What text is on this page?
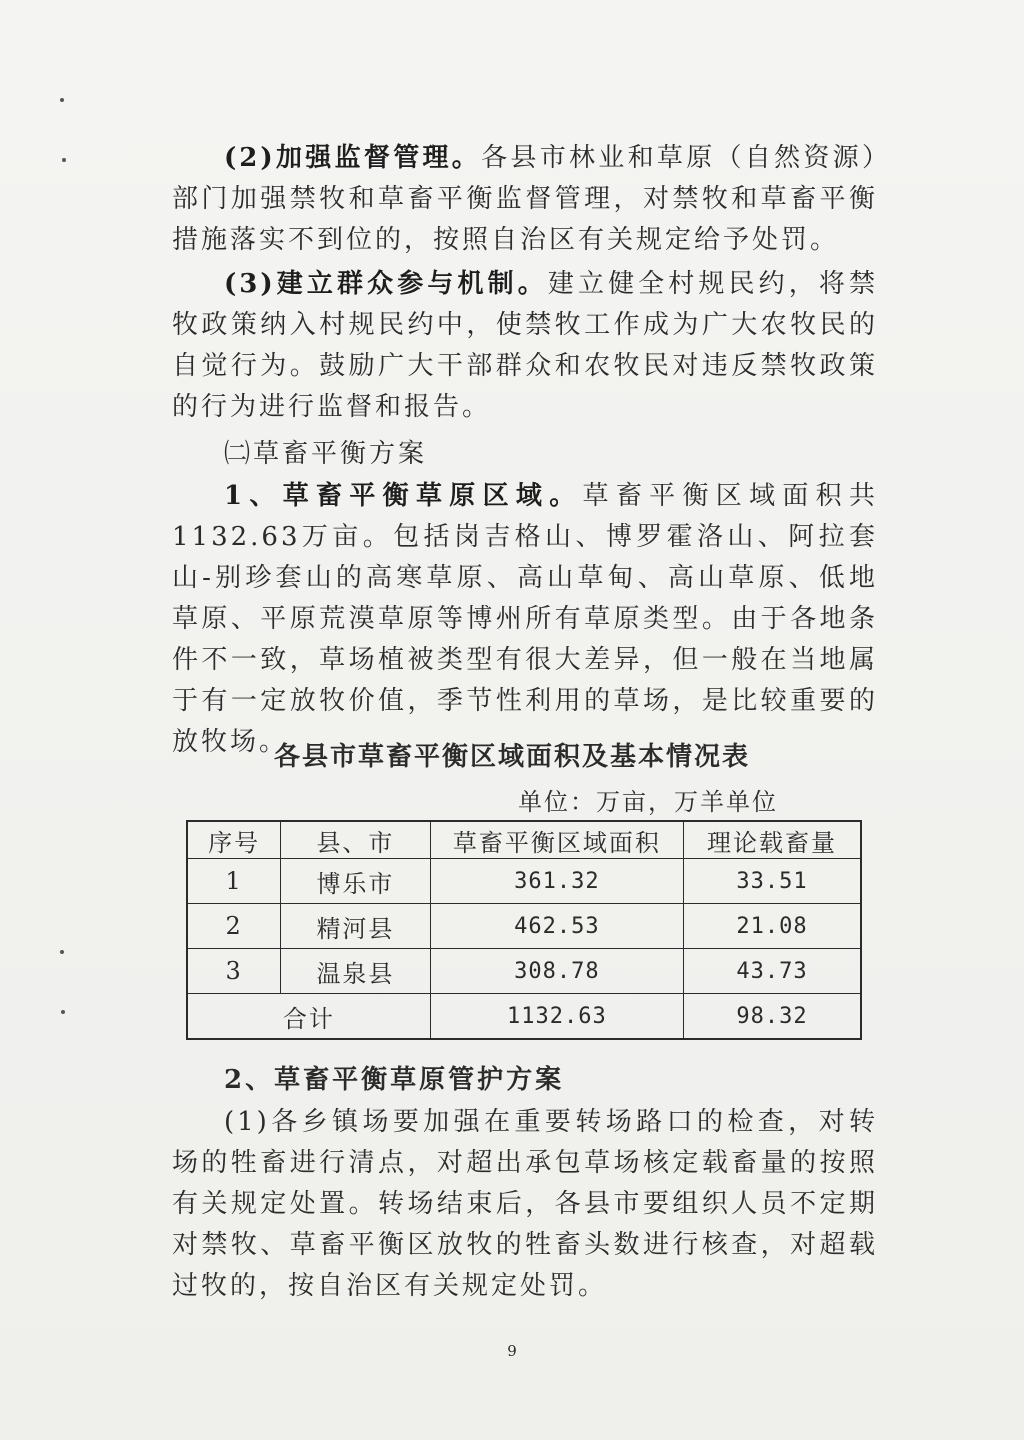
(2)加强监督管理。各县市林业和草原（自然资源）部门加强禁牧和草畜平衡监督管理，对禁牧和草畜平衡措施落实不到位的，按照自治区有关规定给予处罚。

(3)建立群众参与机制。建立健全村规民约，将禁牧政策纳入村规民约中，使禁牧工作成为广大农牧民的自觉行为。鼓励广大干部群众和农牧民对违反禁牧政策的行为进行监督和报告。

㈡草畜平衡方案

1、草畜平衡草原区域。草畜平衡区域面积共1132.63万亩。包括岗吉格山、博罗霍洛山、阿拉套山-别珍套山的高寒草原、高山草甸、高山草原、低地草原、平原荒漠草原等博州所有草原类型。由于各地条件不一致，草场植被类型有很大差异，但一般在当地属于有一定放牧价值，季节性利用的草场，是比较重要的放牧场。

各县市草畜平衡区域面积及基本情况表

单位：万亩，万羊单位

序号	县、市	草畜平衡区域面积	理论载畜量
1	博乐市	361.32	33.51
2	精河县	462.53	21.08
3	温泉县	308.78	43.73
合计		1132.63	98.32

2、草畜平衡草原管护方案

(1)各乡镇场要加强在重要转场路口的检查，对转场的牲畜进行清点，对超出承包草场核定载畜量的按照有关规定处置。转场结束后，各县市要组织人员不定期对禁牧、草畜平衡区放牧的牲畜头数进行核查，对超载过牧的，按自治区有关规定处罚。

9
